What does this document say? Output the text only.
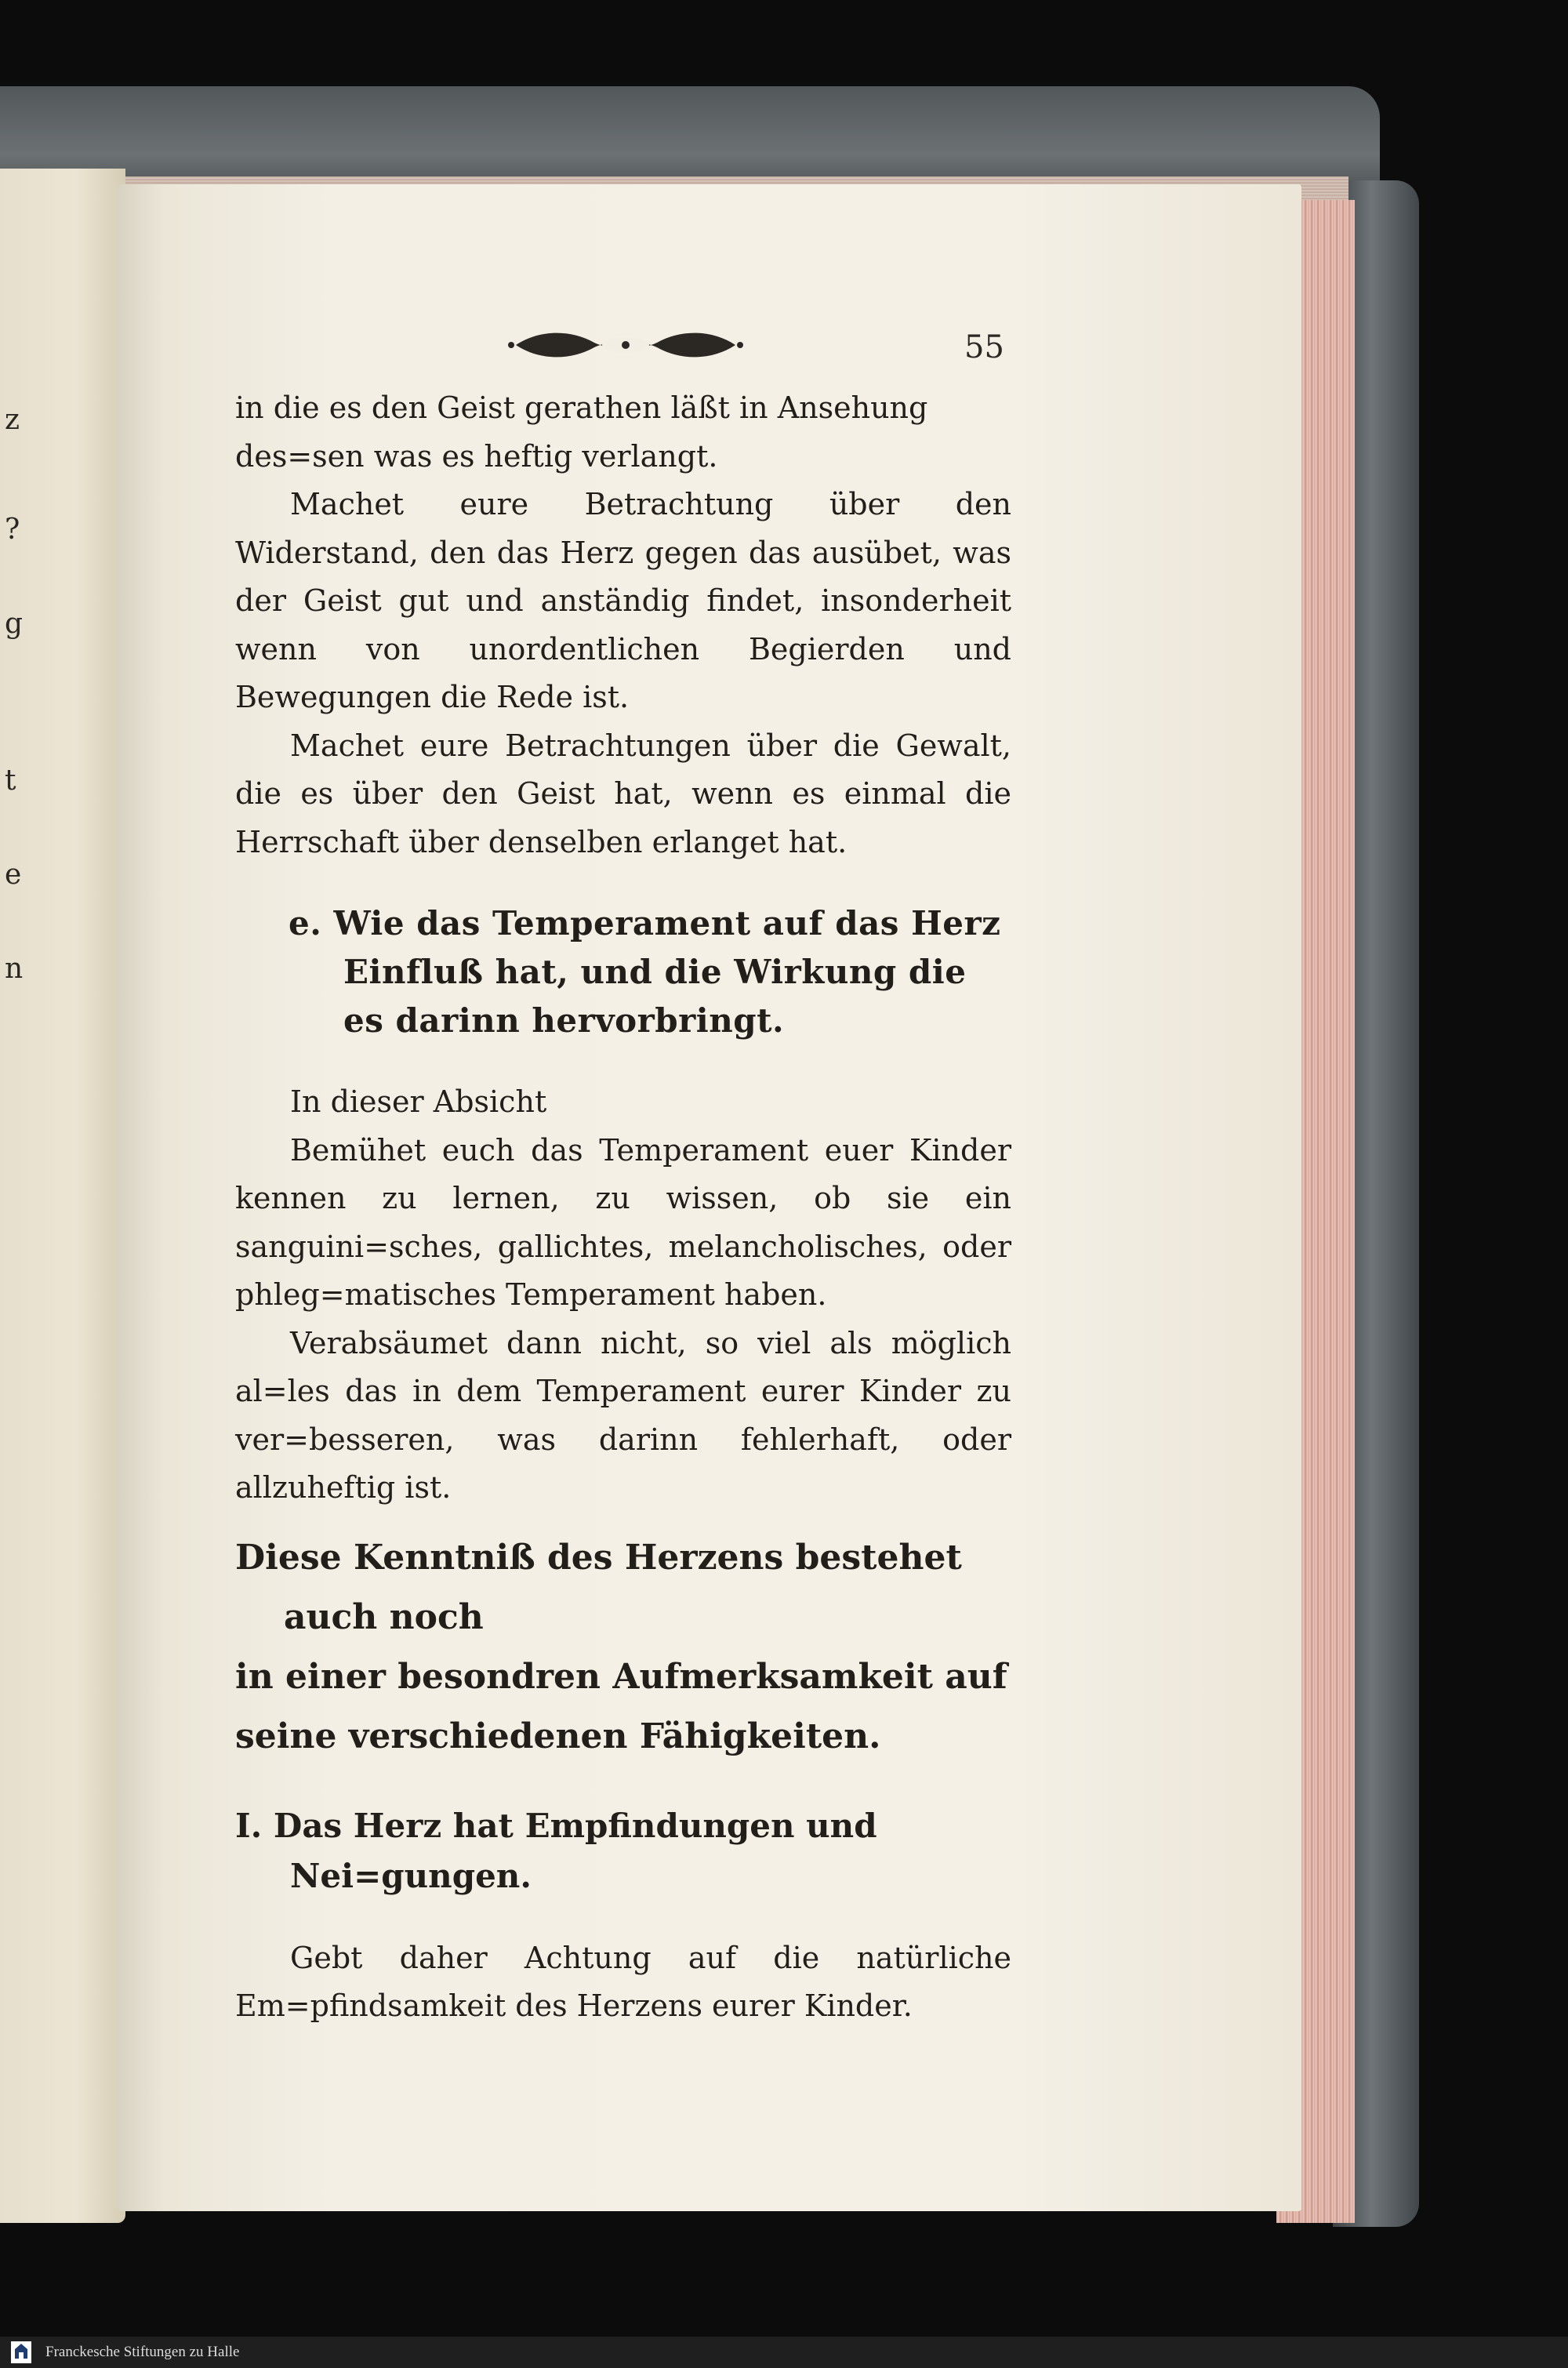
z
?
g
t
e
n
55

in die es den Geist gerathen läßt in Ansehung des=sen was es heftig verlangt.

Machet eure Betrachtung über den Widerstand, den das Herz gegen das ausübet, was der Geist gut und anständig findet, insonderheit wenn von unordentlichen Begierden und Bewegungen die Rede ist.

Machet eure Betrachtungen über die Gewalt, die es über den Geist hat, wenn es einmal die Herrschaft über denselben erlanget hat.

e. Wie das Temperament auf das Herz Einfluß hat, und die Wirkung die es darinn hervorbringt.

In dieser Absicht

Bemühet euch das Temperament euer Kinder kennen zu lernen, zu wissen, ob sie ein sanguini=sches, gallichtes, melancholisches, oder phleg=matisches Temperament haben.

Verabsäumet dann nicht, so viel als möglich al=les das in dem Temperament eurer Kinder zu ver=besseren, was darinn fehlerhaft, oder allzuheftig ist.

Diese Kenntniß des Herzens bestehet auch noch
in einer besondren Aufmerksamkeit auf
seine verschiedenen Fähigkeiten.

I. Das Herz hat Empfindungen und Nei=gungen.

Gebt daher Achtung auf die natürliche Em=pfindsamkeit des Herzens eurer Kinder.

Franckesche Stiftungen zu Halle
